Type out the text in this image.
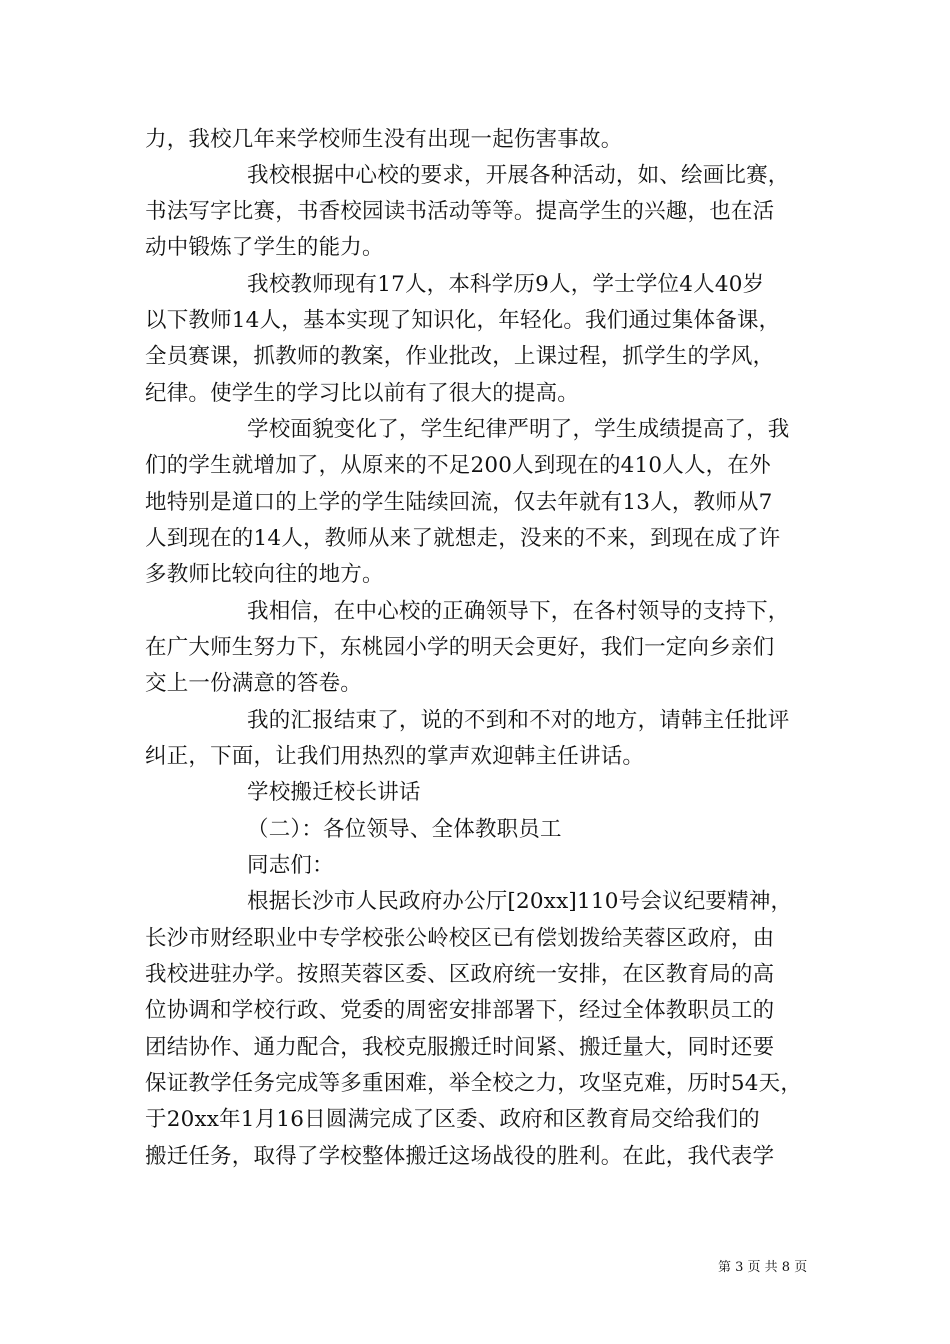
力，我校几年来学校师生没有出现一起伤害事故。
我校根据中心校的要求，开展各种活动，如、绘画比赛，
书法写字比赛，书香校园读书活动等等。提高学生的兴趣，也在活
动中锻炼了学生的能力。
我校教师现有17人，本科学历9人，学士学位4人40岁
以下教师14人，基本实现了知识化，年轻化。我们通过集体备课，
全员赛课，抓教师的教案，作业批改，上课过程，抓学生的学风，
纪律。使学生的学习比以前有了很大的提高。
学校面貌变化了，学生纪律严明了，学生成绩提高了，我
们的学生就增加了，从原来的不足200人到现在的410人人，在外
地特别是道口的上学的学生陆续回流，仅去年就有13人，教师从7
人到现在的14人，教师从来了就想走，没来的不来，到现在成了许
多教师比较向往的地方。
我相信，在中心校的正确领导下，在各村领导的支持下，
在广大师生努力下，东桃园小学的明天会更好，我们一定向乡亲们
交上一份满意的答卷。
我的汇报结束了，说的不到和不对的地方，请韩主任批评
纠正，下面，让我们用热烈的掌声欢迎韩主任讲话。
学校搬迁校长讲话
（二）：各位领导、全体教职员工
同志们：
根据长沙市人民政府办公厅[20xx]110号会议纪要精神，
长沙市财经职业中专学校张公岭校区已有偿划拨给芙蓉区政府，由
我校进驻办学。按照芙蓉区委、区政府统一安排，在区教育局的高
位协调和学校行政、党委的周密安排部署下，经过全体教职员工的
团结协作、通力配合，我校克服搬迁时间紧、搬迁量大，同时还要
保证教学任务完成等多重困难，举全校之力，攻坚克难，历时54天，
于20xx年1月16日圆满完成了区委、政府和区教育局交给我们的
搬迁任务，取得了学校整体搬迁这场战役的胜利。在此，我代表学
第 3 页 共 8 页
